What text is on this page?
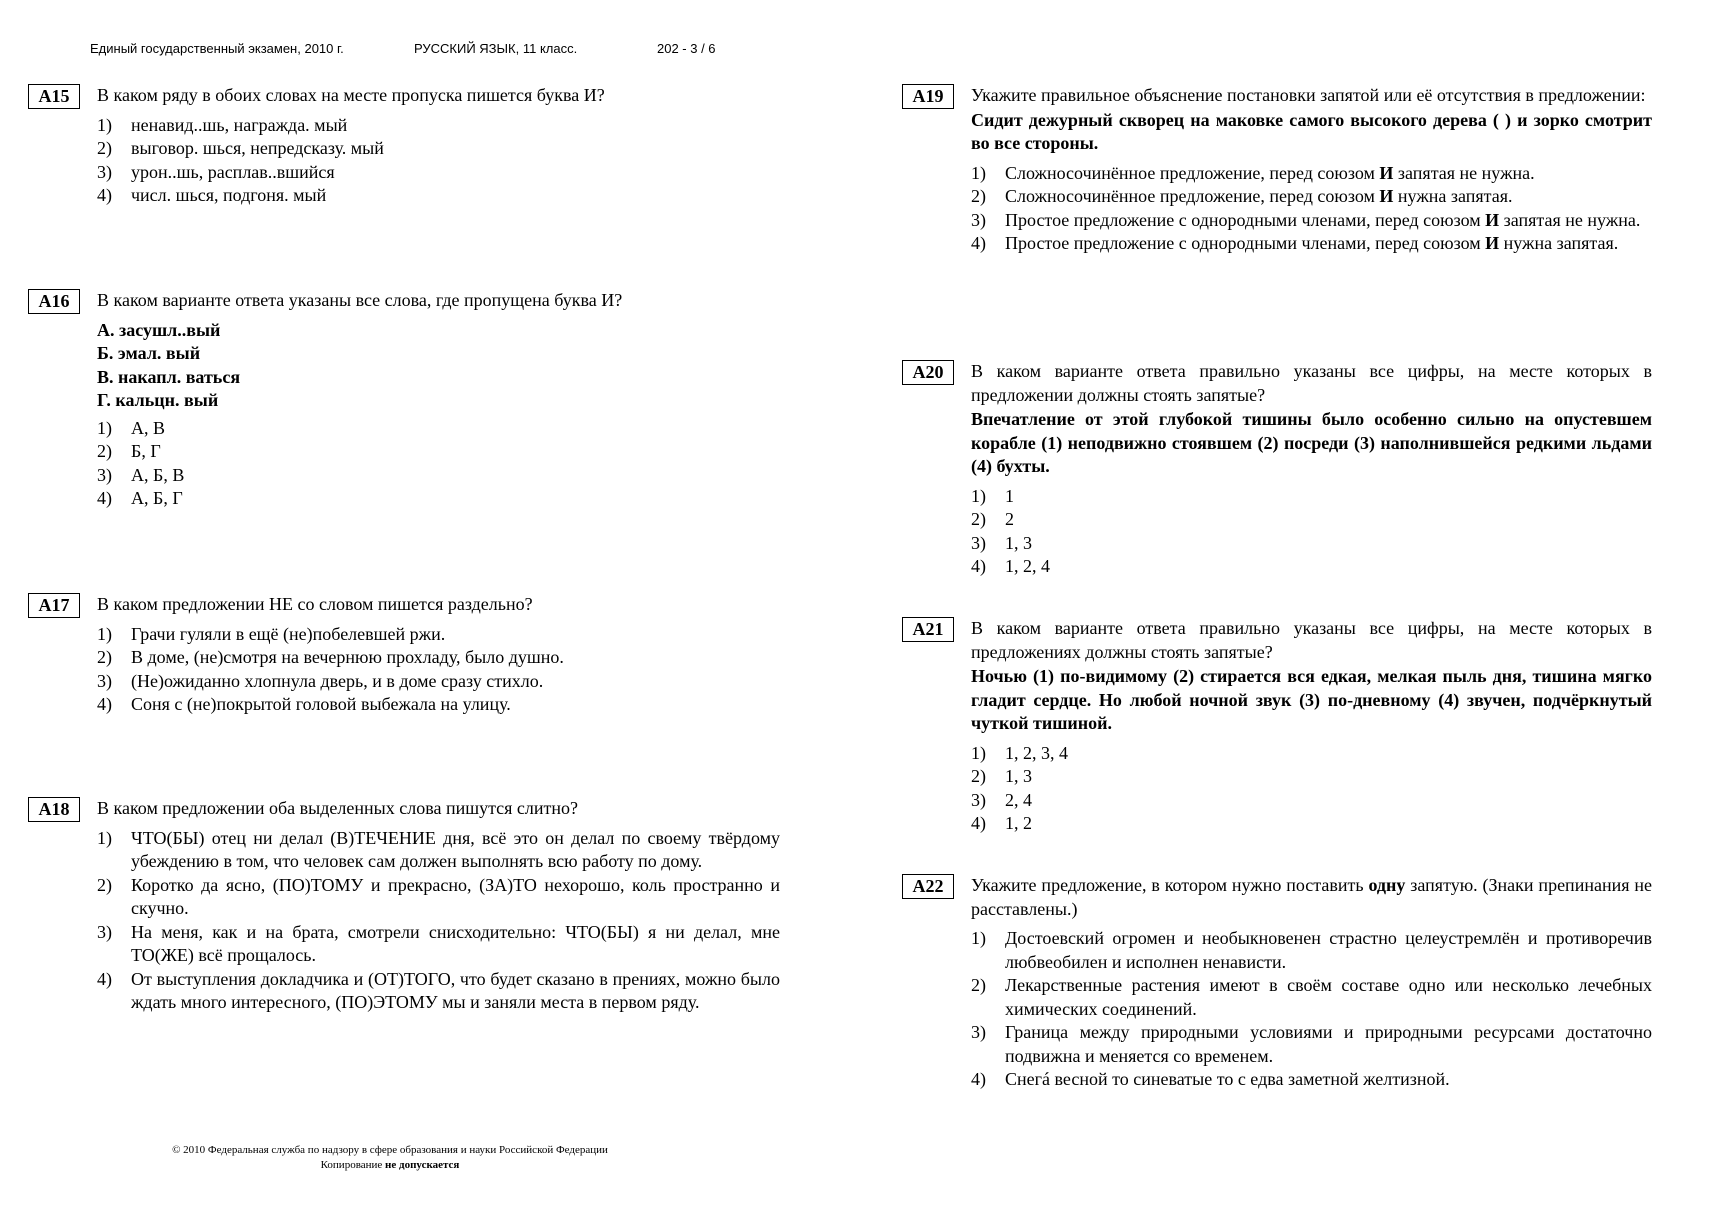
Единый государственный экзамен, 2010 г.	РУССКИЙ ЯЗЫК, 11 класс.	202 - 3 / 6
A15	В каком ряду в обоих словах на месте пропуска пишется буква И?
1) ненавид..шь, награжда. мый
2) выговор. шься, непредсказу. мый
3) урон..шь, расплав..вшийся
4) числ. шься, подгоня. мый
A16	В каком варианте ответа указаны все слова, где пропущена буква И?
А. засушл..вый
Б. эмал. вый
В. накапл. ваться
Г. кальцн. вый
1) А, В
2) Б, Г
3) А, Б, В
4) А, Б, Г
A17	В каком предложении НЕ со словом пишется раздельно?
1) Грачи гуляли в ещё (не)побелевшей ржи.
2) В доме, (не)смотря на вечернюю прохладу, было душно.
3) (Не)ожиданно хлопнула дверь, и в доме сразу стихло.
4) Соня с (не)покрытой головой выбежала на улицу.
A18	В каком предложении оба выделенных слова пишутся слитно?
1) ЧТО(БЫ) отец ни делал (В)ТЕЧЕНИЕ дня, всё это он делал по своему твёрдому убеждению в том, что человек сам должен выполнять всю работу по дому.
2) Коротко да ясно, (ПО)ТОМУ и прекрасно, (ЗА)ТО нехорошо, коль пространно и скучно.
3) На меня, как и на брата, смотрели снисходительно: ЧТО(БЫ) я ни делал, мне ТО(ЖЕ) всё прощалось.
4) От выступления докладчика и (ОТ)ТОГО, что будет сказано в прениях, можно было ждать много интересного, (ПО)ЭТОМУ мы и заняли места в первом ряду.
A19	Укажите правильное объяснение постановки запятой или её отсутствия в предложении:
Сидит дежурный скворец на маковке самого высокого дерева ( ) и зорко смотрит во все стороны.
1) Сложносочинённое предложение, перед союзом И запятая не нужна.
2) Сложносочинённое предложение, перед союзом И нужна запятая.
3) Простое предложение с однородными членами, перед союзом И запятая не нужна.
4) Простое предложение с однородными членами, перед союзом И нужна запятая.
A20	В каком варианте ответа правильно указаны все цифры, на месте которых в предложении должны стоять запятые?
Впечатление от этой глубокой тишины было особенно сильно на опустевшем корабле (1) неподвижно стоявшем (2) посреди (3) наполнившейся редкими льдами (4) бухты.
1) 1
2) 2
3) 1, 3
4) 1, 2, 4
A21	В каком варианте ответа правильно указаны все цифры, на месте которых в предложениях должны стоять запятые?
Ночью (1) по-видимому (2) стирается вся едкая, мелкая пыль дня, тишина мягко гладит сердце. Но любой ночной звук (3) по-дневному (4) звучен, подчёркнутый чуткой тишиной.
1) 1, 2, 3, 4
2) 1, 3
3) 2, 4
4) 1, 2
A22	Укажите предложение, в котором нужно поставить одну запятую. (Знаки препинания не расставлены.)
1) Достоевский огромен и необыкновенен страстно целеустремлён и противоречив любвеобилен и исполнен ненависти.
2) Лекарственные растения имеют в своём составе одно или несколько лечебных химических соединений.
3) Граница между природными условиями и природными ресурсами достаточно подвижна и меняется со временем.
4) Снегá весной то синеватые то с едва заметной желтизной.
© 2010 Федеральная служба по надзору в сфере образования и науки Российской Федерации
Копирование не допускается
